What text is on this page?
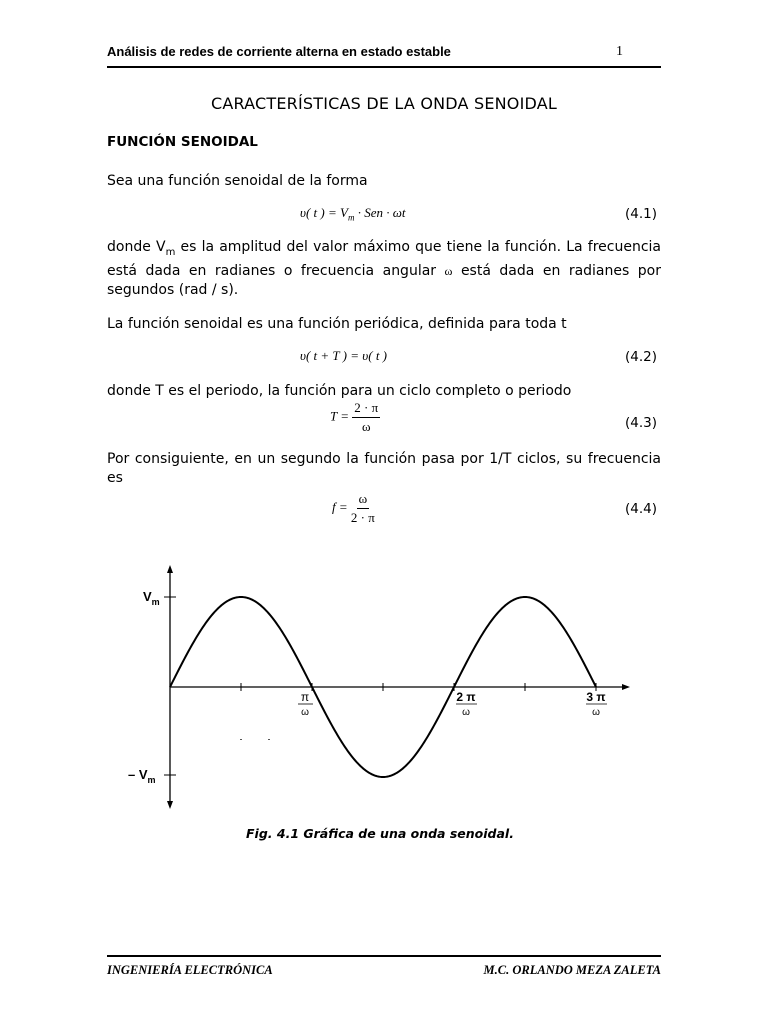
Análisis de redes de corriente alterna en estado estable	1
CARACTERÍSTICAS DE LA ONDA SENOIDAL
FUNCIÓN SENOIDAL
Sea una función senoidal de la forma
υ( t ) = $V_m$ · Sen · ωt	(4.1)
donde $V_m$ es la amplitud del valor máximo que tiene la función. La frecuencia está dada en radianes o frecuencia angular ω está dada en radianes por segundos (rad / s).
La función senoidal es una función periódica, definida para toda t
υ( t + T ) = υ( t )	(4.2)
donde T es el periodo, la función para un ciclo completo o periodo
$T = \frac{2 \cdot \pi}{\omega}$	(4.3)
Por consiguiente, en un segundo la función pasa por 1/T ciclos, su frecuencia es
$f = \frac{\omega}{2 \cdot \pi}$	(4.4)
$V_m$
– $V_m$
π
ω
2 π
ω
3 π
ω
Fig. 4.1 Gráfica de una onda senoidal.
INGENIERÍA ELECTRÓNICA	M.C. ORLANDO MEZA ZALETA
